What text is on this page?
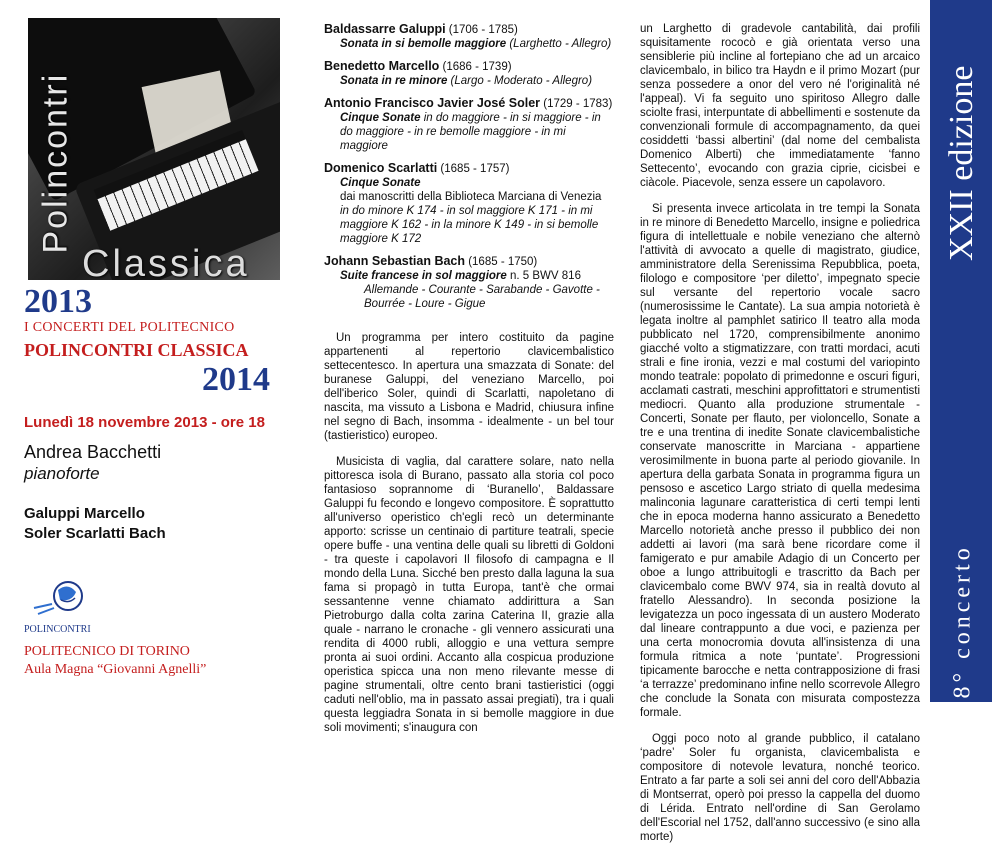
Polincontri
Classica
2013
I CONCERTI DEL POLITECNICO
POLINCONTRI CLASSICA
2014
Lunedì 18 novembre 2013 - ore 18
Andrea Bacchetti
pianoforte
Galuppi Marcello
Soler Scarlatti Bach
POLINCONTRI
POLITECNICO DI TORINO
Aula Magna “Giovanni Agnelli”
Baldassarre Galuppi (1706 - 1785)
Sonata in si bemolle maggiore (Larghetto - Allegro)
Benedetto Marcello (1686 - 1739)
Sonata in re minore (Largo - Moderato - Allegro)
Antonio Francisco Javier José Soler (1729 - 1783)
Cinque Sonate in do maggiore - in si maggiore - in do maggiore - in re bemolle maggiore - in mi maggiore
Domenico Scarlatti (1685 - 1757)
Cinque Sonate
dai manoscritti della Biblioteca Marciana di Venezia
in do minore K 174 - in sol maggiore K 171 - in mi maggiore K 162 - in la minore K 149 - in si bemolle maggiore K 172
Johann Sebastian Bach (1685 - 1750)
Suite francese in sol maggiore n. 5 BWV 816
Allemande - Courante - Sarabande - Gavotte - Bourrée - Loure - Gigue

Un programma per intero costituito da pagine appartenenti al repertorio clavicembalistico settecentesco. In apertura una smazzata di Sonate: del buranese Galuppi, del veneziano Marcello, poi dell'iberico Soler, quindi di Scarlatti, napoletano di nascita, ma vissuto a Lisbona e Madrid, chiusura infine nel segno di Bach, insomma - idealmente - un bel tour (tastieristico) europeo.

Musicista di vaglia, dal carattere solare, nato nella pittoresca isola di Burano, passato alla storia col poco fantasioso soprannome di ‘Buranello’, Baldassare Galuppi fu fecondo e longevo compositore. È soprattutto all'universo operistico ch'egli recò un determinante apporto: scrisse un centinaio di partiture teatrali, specie opere buffe - una ventina delle quali su libretti di Goldoni - tra queste i capolavori Il filosofo di campagna e Il mondo della Luna. Sicché ben presto dalla laguna la sua fama si propagò in tutta Europa, tant'è che ormai sessantenne venne chiamato addirittura a San Pietroburgo dalla colta zarina Caterina II, grazie alla quale - narrano le cronache - gli vennero assicurati una rendita di 4000 rubli, alloggio e una vettura sempre pronta ai suoi ordini. Accanto alla cospicua produzione operistica spicca una non meno rilevante messe di pagine strumentali, oltre cento brani tastieristici (oggi caduti nell'oblio, ma in passato assai pregiati), tra i quali questa leggiadra Sonata in si bemolle maggiore in due soli movimenti; s'inaugura con

un Larghetto di gradevole cantabilità, dai profili squisitamente rococò e già orientata verso una sensiblerie più incline al fortepiano che ad un arcaico clavicembalo, in bilico tra Haydn e il primo Mozart (pur senza possedere a onor del vero né l'originalità né l'appeal). Vi fa seguito uno spiritoso Allegro dalle sciolte frasi, interpuntate di abbellimenti e sostenute da convenzionali formule di accompagnamento, da quei cosiddetti ‘bassi albertini’ (dal nome del cembalista Domenico Alberti) che immediatamente ‘fanno Settecento’, evocando con grazia ciprie, cicisbei e ciàcole. Piacevole, senza essere un capolavoro.

Si presenta invece articolata in tre tempi la Sonata in re minore di Benedetto Marcello, insigne e poliedrica figura di intellettuale e nobile veneziano che alternò l'attività di avvocato a quelle di magistrato, giudice, amministratore della Serenissima Repubblica, poeta, filologo e compositore ‘per diletto’, impegnato specie sul versante del repertorio vocale sacro (numerosissime le Cantate). La sua ampia notorietà è legata inoltre al pamphlet satirico Il teatro alla moda pubblicato nel 1720, comprensibilmente anonimo giacché volto a stigmatizzare, con tratti mordaci, acuti strali e fine ironia, vezzi e mal costumi del variopinto mondo teatrale: popolato di primedonne e oscuri figuri, acclamati castrati, meschini approfittatori e strumentisti mediocri. Quanto alla produzione strumentale - Concerti, Sonate per flauto, per violoncello, Sonate a tre e una trentina di inedite Sonate clavicembalistiche conservate manoscritte in Marciana - appartiene verosimilmente in buona parte al periodo giovanile. In apertura della garbata Sonata in programma figura un pensoso e ascetico Largo striato di quella medesima malinconia lagunare caratteristica di certi tempi lenti che in epoca moderna hanno assicurato a Benedetto Marcello notorietà anche presso il pubblico dei non addetti ai lavori (ma sarà bene ricordare come il famigerato e pur amabile Adagio di un Concerto per oboe a lungo attribuitogli e trascritto da Bach per clavicembalo come BWV 974, sia in realtà dovuto al fratello Alessandro). In seconda posizione la levigatezza un poco ingessata di un austero Moderato dal lineare contrappunto a due voci, e pazienza per una certa monocromia dovuta all'insistenza di una formula ritmica a note ‘puntate’. Progressioni tipicamente barocche e netta contrapposizione di frasi ‘a terrazze’ predominano infine nello scorrevole Allegro che conclude la Sonata con misurata compostezza formale.

Oggi poco noto al grande pubblico, il catalano ‘padre’ Soler fu organista, clavicembalista e compositore di notevole levatura, nonché teorico. Entrato a far parte a soli sei anni del coro dell'Abbazia di Montserrat, operò poi presso la cappella del duomo di Lérida. Entrato nell'ordine di San Gerolamo dell'Escorial nel 1752, dall'anno successivo (e sino alla morte)

XXII edizione
8° concerto
